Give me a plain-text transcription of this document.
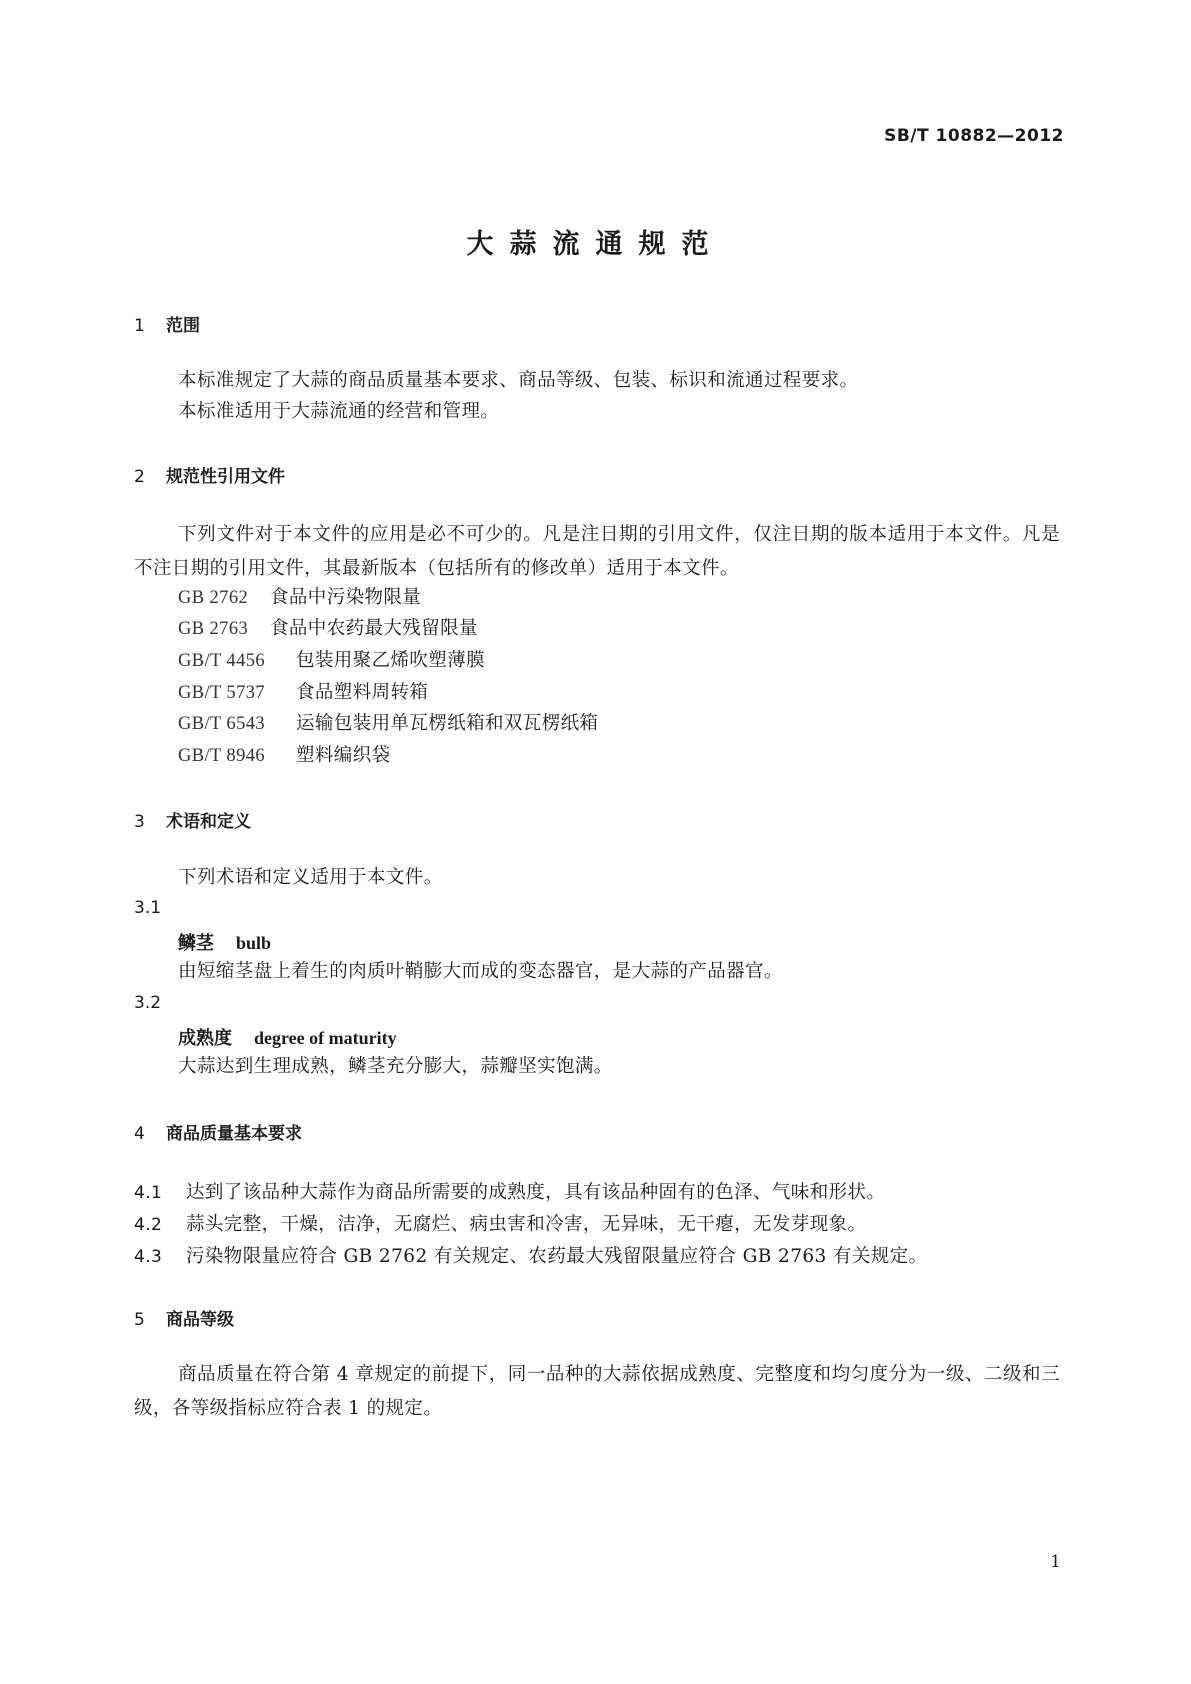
SB/T 10882—2012
大蒜流通规范
1 范围
本标准规定了大蒜的商品质量基本要求、商品等级、包装、标识和流通过程要求。
本标准适用于大蒜流通的经营和管理。
2 规范性引用文件
下列文件对于本文件的应用是必不可少的。凡是注日期的引用文件，仅注日期的版本适用于本文件。凡是不注日期的引用文件，其最新版本（包括所有的修改单）适用于本文件。
GB 2762 食品中污染物限量
GB 2763 食品中农药最大残留限量
GB/T 4456 包装用聚乙烯吹塑薄膜
GB/T 5737 食品塑料周转箱
GB/T 6543 运输包装用单瓦楞纸箱和双瓦楞纸箱
GB/T 8946 塑料编织袋
3 术语和定义
下列术语和定义适用于本文件。
3.1
鳞茎 bulb
由短缩茎盘上着生的肉质叶鞘膨大而成的变态器官，是大蒜的产品器官。
3.2
成熟度 degree of maturity
大蒜达到生理成熟，鳞茎充分膨大，蒜瓣坚实饱满。
4 商品质量基本要求
4.1 达到了该品种大蒜作为商品所需要的成熟度，具有该品种固有的色泽、气味和形状。
4.2 蒜头完整，干燥，洁净，无腐烂、病虫害和冷害，无异味，无干瘪，无发芽现象。
4.3 污染物限量应符合 GB 2762 有关规定、农药最大残留限量应符合 GB 2763 有关规定。
5 商品等级
商品质量在符合第 4 章规定的前提下，同一品种的大蒜依据成熟度、完整度和均匀度分为一级、二级和三级，各等级指标应符合表 1 的规定。
1
